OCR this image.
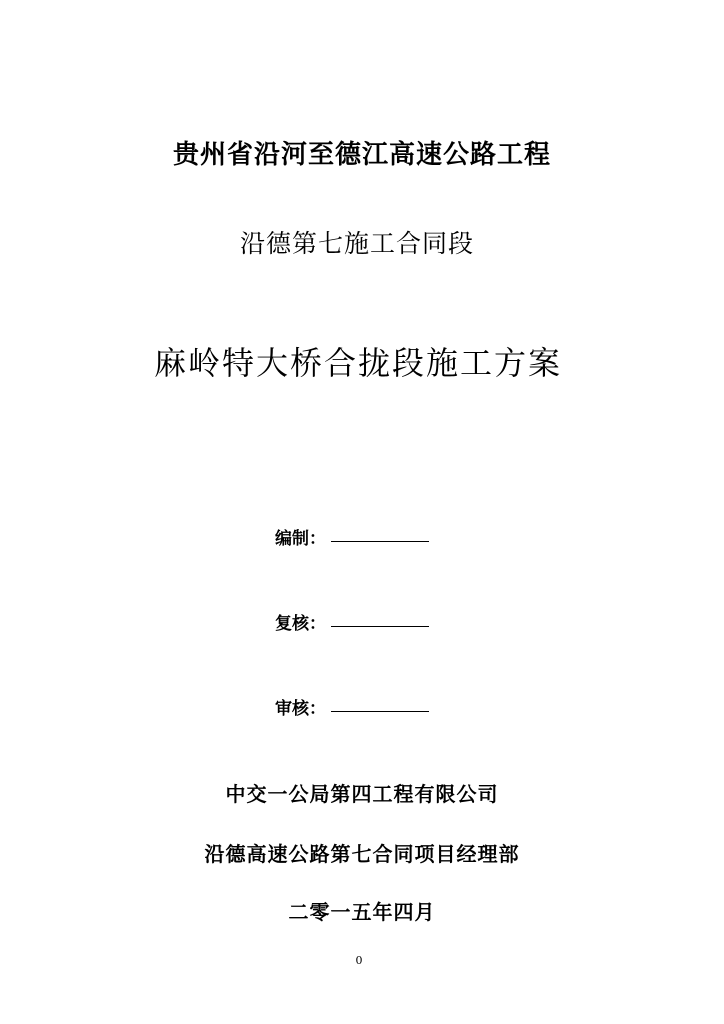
贵州省沿河至德江高速公路工程
沿德第七施工合同段
麻岭特大桥合拢段施工方案
编制：
复核：
审核：
中交一公局第四工程有限公司
沿德高速公路第七合同项目经理部
二零一五年四月
0
